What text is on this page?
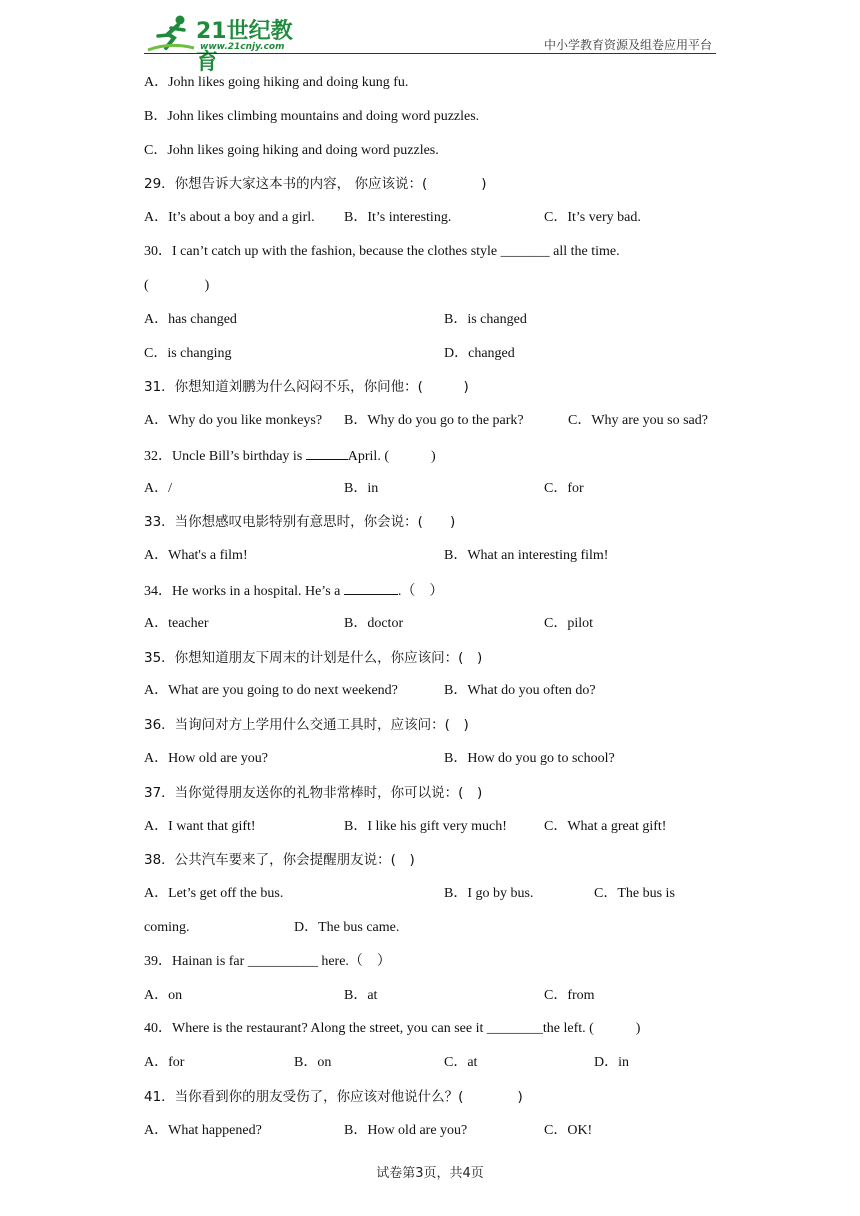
21世纪教育
www.21cnjy.com	中小学教育资源及组卷应用平台
A．John likes going hiking and doing kung fu.
B．John likes climbing mountains and doing word puzzles.
C．John likes going hiking and doing word puzzles.
29．你想告诉大家这本书的内容， 你应该说：(　　　　)
A．It’s about a boy and a girl. B．It’s interesting.	C．It’s very bad.
30．I can’t catch up with the fashion, because the clothes style _______ all the time.
(　　　　)
A．has changed	B．is changed
C．is changing	D．changed
31．你想知道刘鹏为什么闷闷不乐，你问他：(　　　)
A．Why do you like monkeys? B．Why do you go to the park?	C．Why are you so sad?
32．Uncle Bill’s birthday is	April. (　　　)
A．/	B．in	C．for
33．当你想感叹电影特别有意思时，你会说：(　　)
A．What's a film!	B．What an interesting film!
34．He works in a hospital. He’s a	.（　）
A．teacher	B．doctor	C．pilot
35．你想知道朋友下周末的计划是什么，你应该问：(　)
A．What are you going to do next weekend?	B．What do you often do?
36．当询问对方上学用什么交通工具时，应该问：(　)
A．How old are you?	B．How do you go to school?
37．当你觉得朋友送你的礼物非常棒时，你可以说：(　)
A．I want that gift!	B．I like his gift very much!	C．What a great gift!
38．公共汽车要来了，你会提醒朋友说：(　)
A．Let’s get off the bus.	B．I go by bus.	C．The bus is
coming.	D．The bus came.
39．Hainan is far __________ here.（　）
A．on	B．at	C．from
40．Where is the restaurant? Along the street, you can see it ________the left. (　　　)
A．for	B．on	C．at	D．in
41．当你看到你的朋友受伤了，你应该对他说什么？(　　　　)
A．What happened?	B．How old are you?	C．OK!
试卷第3页，共4页
